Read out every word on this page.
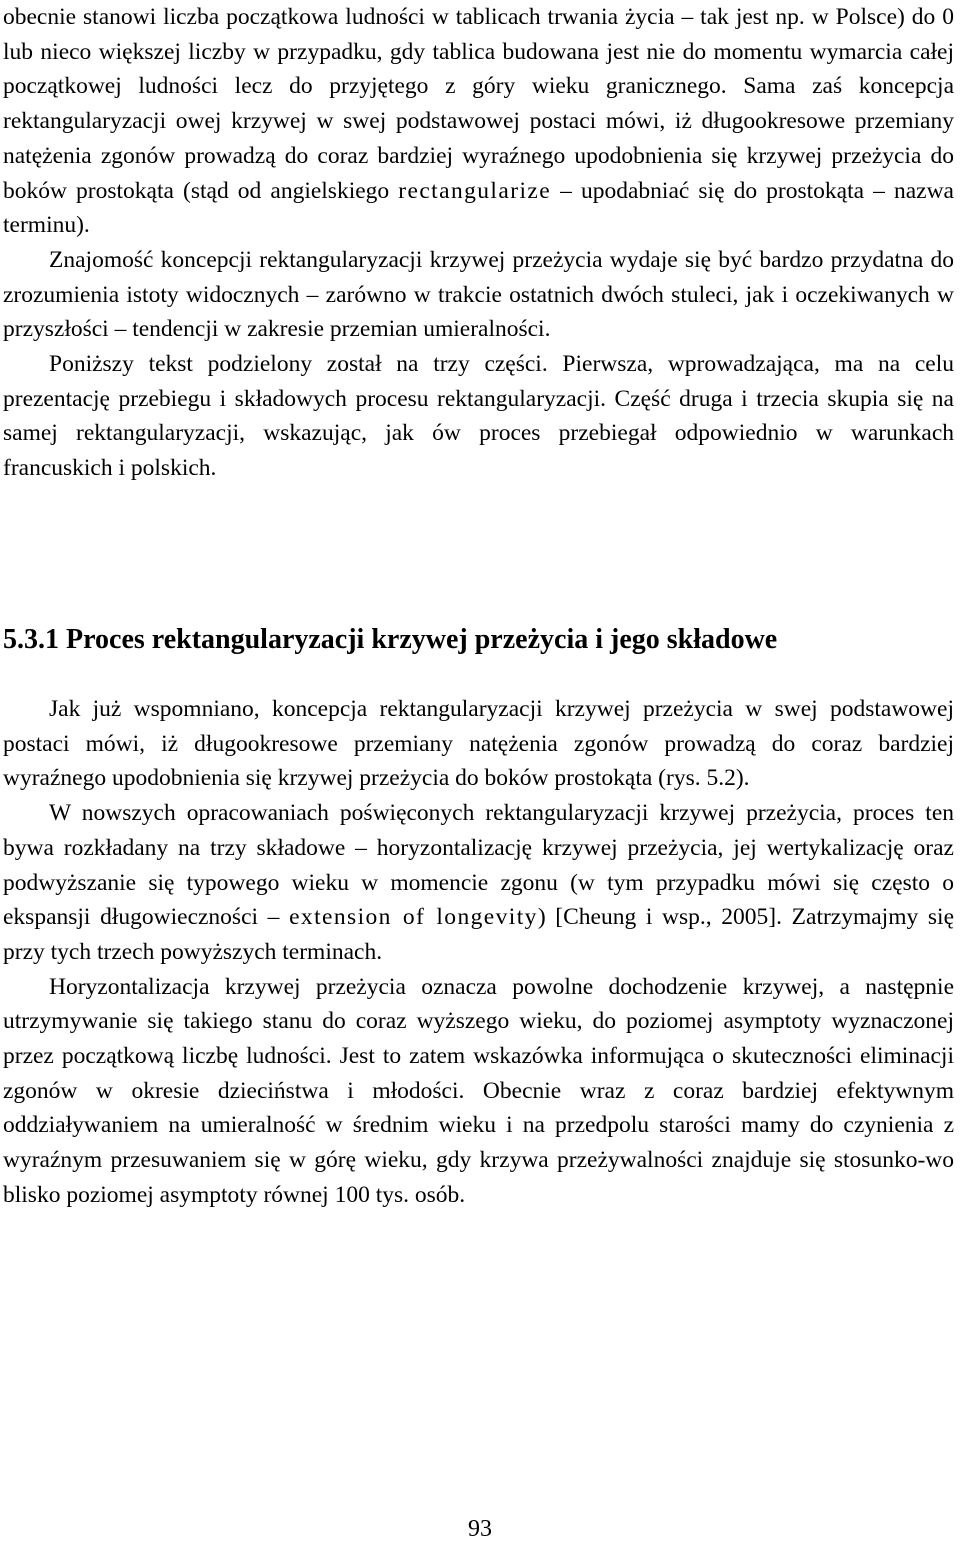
obecnie stanowi liczba początkowa ludności w tablicach trwania życia – tak jest np. w Polsce) do 0 lub nieco większej liczby w przypadku, gdy tablica budowana jest nie do momentu wymarcia całej początkowej ludności lecz do przyjętego z góry wieku granicznego. Sama zaś koncepcja rektangularyzacji owej krzywej w swej podstawowej postaci mówi, iż długookresowe przemiany natężenia zgonów prowadzą do coraz bardziej wyraźnego upodobnienia się krzywej przeżycia do boków prostokąta (stąd od angielskiego rectangularize – upodabniać się do prostokąta – nazwa terminu).

Znajomość koncepcji rektangularyzacji krzywej przeżycia wydaje się być bardzo przydatna do zrozumienia istoty widocznych – zarówno w trakcie ostatnich dwóch stuleci, jak i oczekiwanych w przyszłości – tendencji w zakresie przemian umieralności.

Poniższy tekst podzielony został na trzy części. Pierwsza, wprowadzająca, ma na celu prezentację przebiegu i składowych procesu rektangularyzacji. Część druga i trzecia skupia się na samej rektangularyzacji, wskazując, jak ów proces przebiegał odpowiednio w warunkach francuskich i polskich.

5.3.1 Proces rektangularyzacji krzywej przeżycia i jego składowe

Jak już wspomniano, koncepcja rektangularyzacji krzywej przeżycia w swej podstawowej postaci mówi, iż długookresowe przemiany natężenia zgonów prowadzą do coraz bardziej wyraźnego upodobnienia się krzywej przeżycia do boków prostokąta (rys. 5.2).

W nowszych opracowaniach poświęconych rektangularyzacji krzywej przeżycia, proces ten bywa rozkładany na trzy składowe – horyzontalizację krzywej przeżycia, jej wertykalizację oraz podwyższanie się typowego wieku w momencie zgonu (w tym przypadku mówi się często o ekspansji długowieczności – extension of longevity) [Cheung i wsp., 2005]. Zatrzymajmy się przy tych trzech powyższych terminach.

Horyzontalizacja krzywej przeżycia oznacza powolne dochodzenie krzywej, a następnie utrzymywanie się takiego stanu do coraz wyższego wieku, do poziomej asymptoty wyznaczonej przez początkową liczbę ludności. Jest to zatem wskazówka informująca o skuteczności eliminacji zgonów w okresie dzieciństwa i młodości. Obecnie wraz z coraz bardziej efektywnym oddziaływaniem na umieralność w średnim wieku i na przedpolu starości mamy do czynienia z wyraźnym przesuwaniem się w górę wieku, gdy krzywa przeżywalności znajduje się stosunko-wo blisko poziomej asymptoty równej 100 tys. osób.

93
